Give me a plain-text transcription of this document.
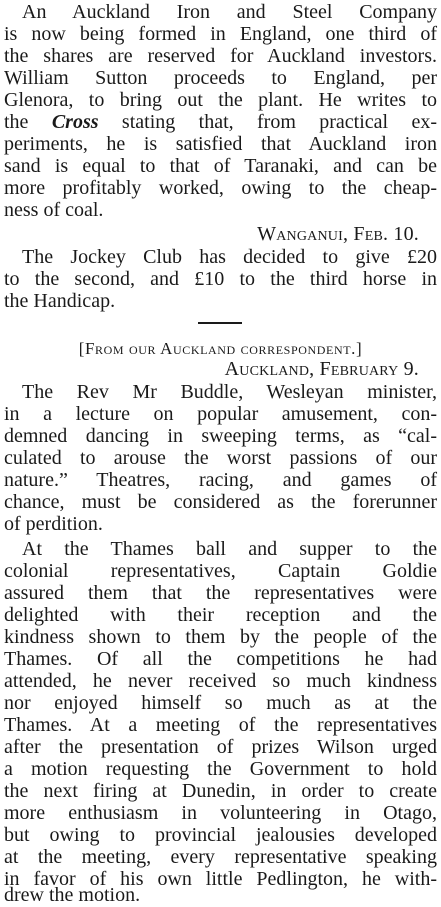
An Auckland Iron and Steel Company
is now being formed in England, one third of
the shares are reserved for Auckland investors.
William Sutton proceeds to England, per
Glenora, to bring out the plant. He writes to
the Cross stating that, from practical ex-
periments, he is satisfied that Auckland iron
sand is equal to that of Taranaki, and can be
more profitably worked, owing to the cheap-
ness of coal.
Wanganui, Feb. 10.
The Jockey Club has decided to give £20
to the second, and £10 to the third horse in
the Handicap.
[From our Auckland correspondent.]
Auckland, February 9.
The Rev Mr Buddle, Wesleyan minister,
in a lecture on popular amusement, con-
demned dancing in sweeping terms, as “cal-
culated to arouse the worst passions of our
nature.” Theatres, racing, and games of
chance, must be considered as the forerunner
of perdition.
At the Thames ball and supper to the
colonial representatives, Captain Goldie
assured them that the representatives were
delighted with their reception and the
kindness shown to them by the people of the
Thames. Of all the competitions he had
attended, he never received so much kindness
nor enjoyed himself so much as at the
Thames. At a meeting of the representatives
after the presentation of prizes Wilson urged
a motion requesting the Government to hold
the next firing at Dunedin, in order to create
more enthusiasm in volunteering in Otago,
but owing to provincial jealousies developed
at the meeting, every representative speaking
in favor of his own little Pedlington, he with-
drew the motion.
